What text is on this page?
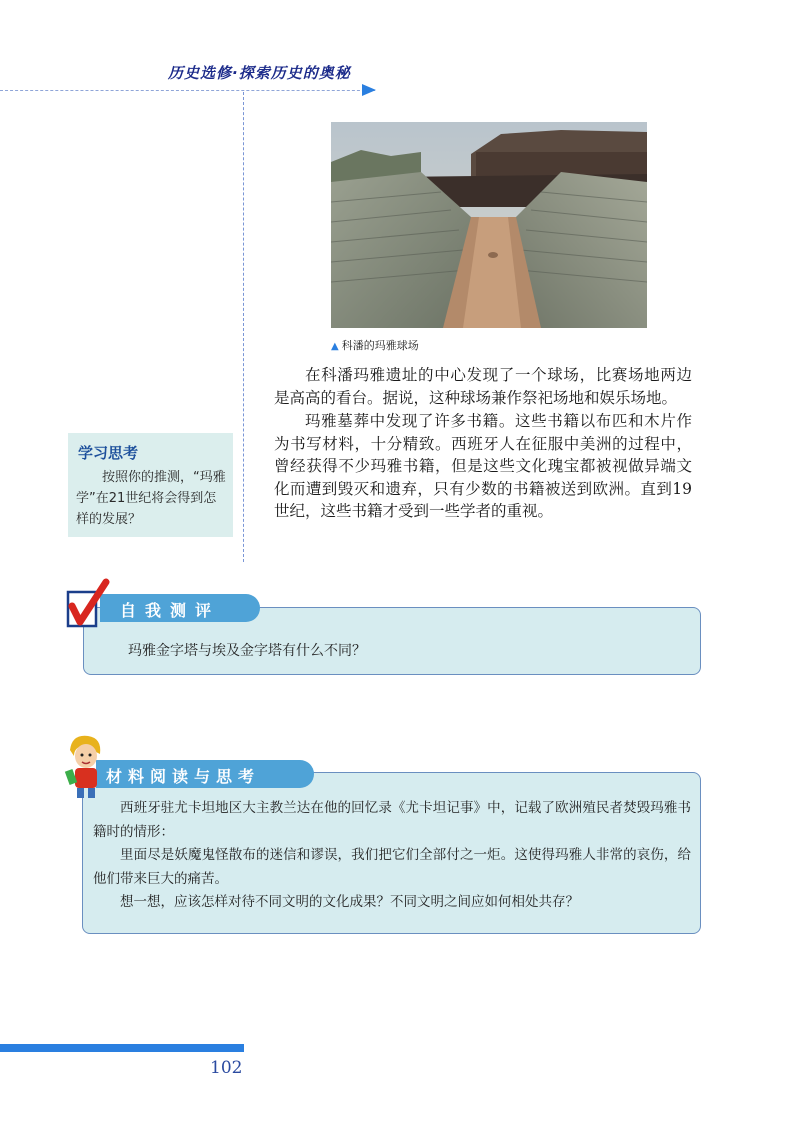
历史选修·探索历史的奥秘
▲ 科潘的玛雅球场

在科潘玛雅遗址的中心发现了一个球场，比赛场地两边是高高的看台。据说，这种球场兼作祭祀场地和娱乐场地。

玛雅墓葬中发现了许多书籍。这些书籍以布匹和木片作为书写材料，十分精致。西班牙人在征服中美洲的过程中，曾经获得不少玛雅书籍，但是这些文化瑰宝都被视做异端文化而遭到毁灭和遗弃，只有少数的书籍被送到欧洲。直到19世纪，这些书籍才受到一些学者的重视。

学习思考
按照你的推测，“玛雅学”在21世纪将会得到怎样的发展？
玛雅金字塔与埃及金字塔有什么不同？
自我测评

西班牙驻尤卡坦地区大主教兰达在他的回忆录《尤卡坦记事》中，记载了欧洲殖民者焚毁玛雅书籍时的情形：

里面尽是妖魔鬼怪散布的迷信和谬误，我们把它们全部付之一炬。这使得玛雅人非常的哀伤，给他们带来巨大的痛苦。

想一想，应该怎样对待不同文明的文化成果？不同文明之间应如何相处共存？

材料阅读与思考
102
